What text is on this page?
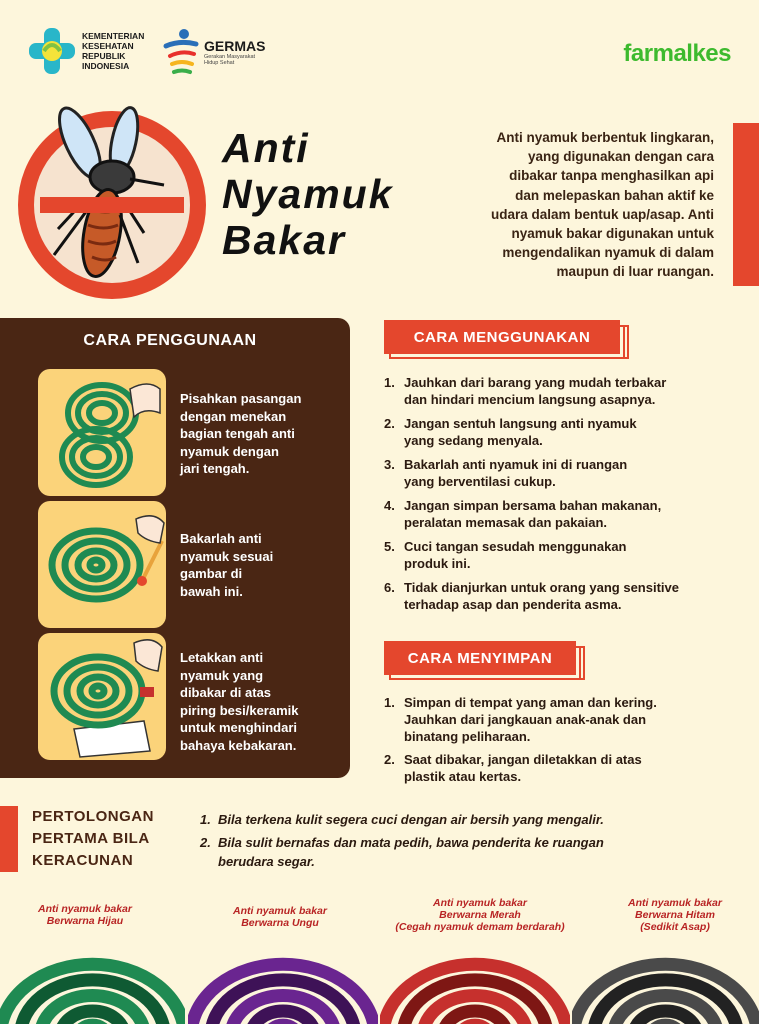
KEMENTERIAN
KESEHATAN
REPUBLIK
INDONESIA
GERMAS
Gerakan Masyarakat
Hidup Sehat	farmalkes
Anti
Nyamuk
Bakar
Anti nyamuk berbentuk lingkaran,
yang digunakan dengan cara
dibakar tanpa menghasilkan api
dan melepaskan bahan aktif ke
udara dalam bentuk uap/asap. Anti
nyamuk bakar digunakan untuk
mengendalikan nyamuk di dalam
maupun di luar ruangan.
CARA PENGGUNAAN
Pisahkan pasangan
dengan menekan
bagian tengah anti
nyamuk dengan
jari tengah.
Bakarlah anti
nyamuk sesuai
gambar di
bawah ini.
Letakkan anti
nyamuk yang
dibakar di atas
piring besi/keramik
untuk menghindari
bahaya kebakaran.
CARA MENGGUNAKAN
1. Jauhkan dari barang yang mudah terbakar
dan hindari mencium langsung asapnya.
2. Jangan sentuh langsung anti nyamuk
yang sedang menyala.
3. Bakarlah anti nyamuk ini di ruangan
yang berventilasi cukup.
4. Jangan simpan bersama bahan makanan,
peralatan memasak dan pakaian.
5. Cuci tangan sesudah menggunakan
produk ini.
6. Tidak dianjurkan untuk orang yang sensitive
terhadap asap dan penderita asma.
CARA MENYIMPAN
1. Simpan di tempat yang aman dan kering.
Jauhkan dari jangkauan anak-anak dan
binatang peliharaan.
2. Saat dibakar, jangan diletakkan di atas
plastik atau kertas.
PERTOLONGAN
PERTAMA BILA
KERACUNAN
1. Bila terkena kulit segera cuci dengan air bersih yang mengalir.
2. Bila sulit bernafas dan mata pedih, bawa penderita ke ruangan
berudara segar.
Anti nyamuk bakar
Berwarna Hijau
Anti nyamuk bakar
Berwarna Ungu
Anti nyamuk bakar
Berwarna Merah
(Cegah nyamuk demam berdarah)
Anti nyamuk bakar
Berwarna Hitam
(Sedikit Asap)
